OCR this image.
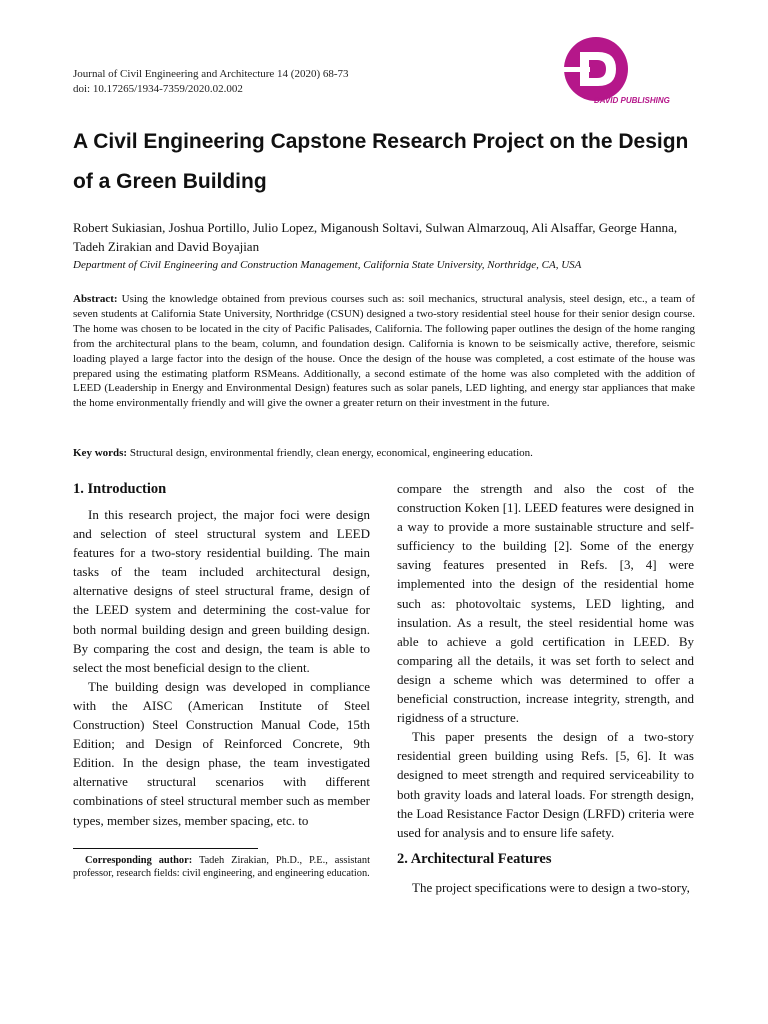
Journal of Civil Engineering and Architecture 14 (2020) 68-73
doi: 10.17265/1934-7359/2020.02.002
DAVID PUBLISHING
A Civil Engineering Capstone Research Project on the Design of a Green Building
Robert Sukiasian, Joshua Portillo, Julio Lopez, Miganoush Soltavi, Sulwan Almarzouq, Ali Alsaffar, George Hanna, Tadeh Zirakian and David Boyajian
Department of Civil Engineering and Construction Management, California State University, Northridge, CA, USA
Abstract: Using the knowledge obtained from previous courses such as: soil mechanics, structural analysis, steel design, etc., a team of seven students at California State University, Northridge (CSUN) designed a two-story residential steel house for their senior design course. The home was chosen to be located in the city of Pacific Palisades, California. The following paper outlines the design of the home ranging from the architectural plans to the beam, column, and foundation design. California is known to be seismically active, therefore, seismic loading played a large factor into the design of the house. Once the design of the house was completed, a cost estimate of the house was prepared using the estimating platform RSMeans. Additionally, a second estimate of the home was also completed with the addition of LEED (Leadership in Energy and Environmental Design) features such as solar panels, LED lighting, and energy star appliances that make the home environmentally friendly and will give the owner a greater return on their investment in the future.
Key words: Structural design, environmental friendly, clean energy, economical, engineering education.
1. Introduction

In this research project, the major foci were design and selection of steel structural system and LEED features for a two-story residential building. The main tasks of the team included architectural design, alternative designs of steel structural frame, design of the LEED system and determining the cost-value for both normal building design and green building design. By comparing the cost and design, the team is able to select the most beneficial design to the client.

The building design was developed in compliance with the AISC (American Institute of Steel Construction) Steel Construction Manual Code, 15th Edition; and Design of Reinforced Concrete, 9th Edition. In the design phase, the team investigated alternative structural scenarios with different combinations of steel structural member such as member types, member sizes, member spacing, etc. to

compare the strength and also the cost of the construction Koken [1]. LEED features were designed in a way to provide a more sustainable structure and self-sufficiency to the building [2]. Some of the energy saving features presented in Refs. [3, 4] were implemented into the design of the residential home such as: photovoltaic systems, LED lighting, and insulation. As a result, the steel residential home was able to achieve a gold certification in LEED. By comparing all the details, it was set forth to select and design a scheme which was determined to offer a beneficial construction, increase integrity, strength, and rigidness of a structure.

This paper presents the design of a two-story residential green building using Refs. [5, 6]. It was designed to meet strength and required serviceability to both gravity loads and lateral loads. For strength design, the Load Resistance Factor Design (LRFD) criteria were used for analysis and to ensure life safety.

Corresponding author: Tadeh Zirakian, Ph.D., P.E., assistant professor, research fields: civil engineering, and engineering education.
2. Architectural Features
The project specifications were to design a two-story,
